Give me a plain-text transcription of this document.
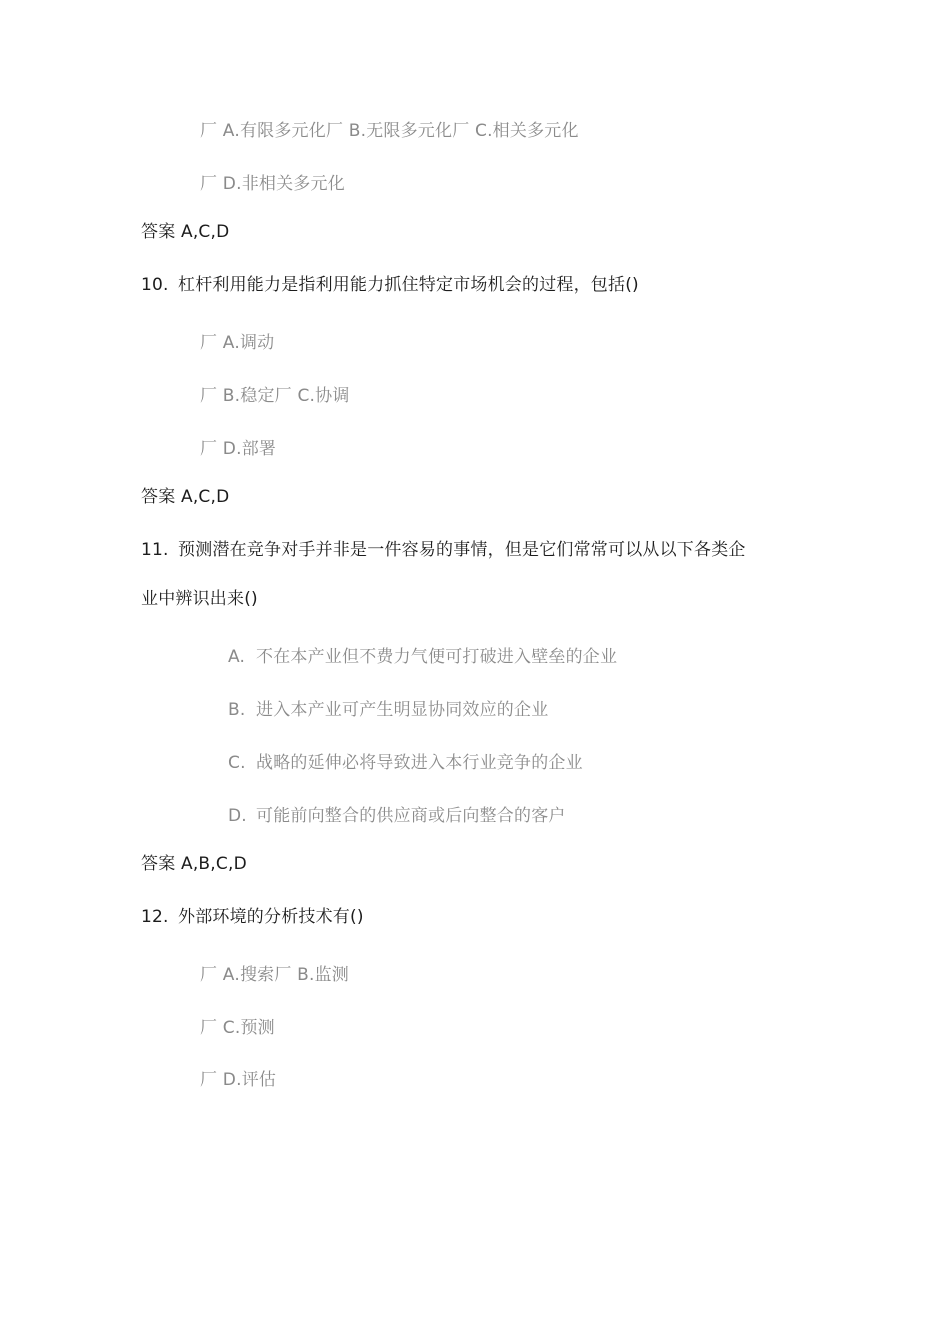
厂 A.有限多元化厂 B.无限多元化厂 C.相关多元化
厂 D.非相关多元化
答案 A,C,D
10. 杠杆利用能力是指利用能力抓住特定市场机会的过程，包括()
厂 A.调动
厂 B.稳定厂 C.协调
厂 D.部署
答案 A,C,D
11. 预测潜在竞争对手并非是一件容易的事情，但是它们常常可以从以下各类企
业中辨识出来()
A. 不在本产业但不费力气便可打破进入壁垒的企业
B. 进入本产业可产生明显协同效应的企业
C. 战略的延伸必将导致进入本行业竞争的企业
D. 可能前向整合的供应商或后向整合的客户
答案 A,B,C,D
12. 外部环境的分析技术有()
厂 A.搜索厂 B.监测
厂 C.预测
厂 D.评估
